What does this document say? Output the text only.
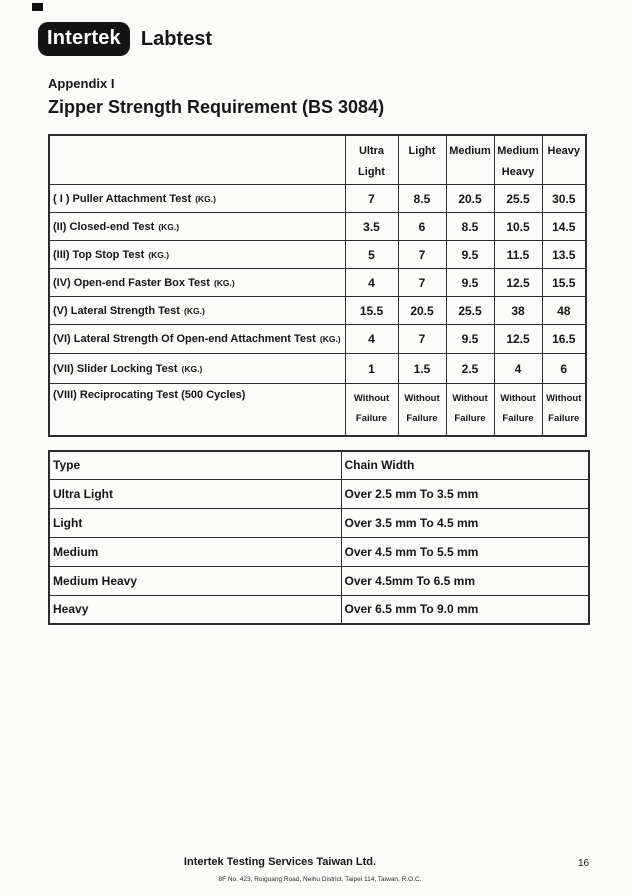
Intertek	Labtest
Appendix I
Zipper Strength Requirement (BS 3084)
	Ultra Light	Light	Medium	Medium Heavy	Heavy
( I ) Puller Attachment Test (KG.)	7	8.5	20.5	25.5	30.5
(II) Closed-end Test (KG.)	3.5	6	8.5	10.5	14.5
(III) Top Stop Test (KG.)	5	7	9.5	11.5	13.5
(IV) Open-end Faster Box Test (KG.)	4	7	9.5	12.5	15.5
(V) Lateral Strength Test (KG.)	15.5	20.5	25.5	38	48
(VI) Lateral Strength Of Open-end Attachment Test (KG.)	4	7	9.5	12.5	16.5
(VII) Slider Locking Test (KG.)	1	1.5	2.5	4	6
(VIII) Reciprocating Test (500 Cycles)	Without Failure	Without Failure	Without Failure	Without Failure	Without Failure
Type	Chain Width
Ultra Light	Over 2.5 mm To 3.5 mm
Light	Over 3.5 mm To 4.5 mm
Medium	Over 4.5 mm To 5.5 mm
Medium Heavy	Over 4.5mm To 6.5 mm
Heavy	Over 6.5 mm To 9.0 mm
Intertek Testing Services Taiwan Ltd.
8F No. 423, Ruiguang Road, Neihu District, Taipei 114, Taiwan, R.O.C.
16
